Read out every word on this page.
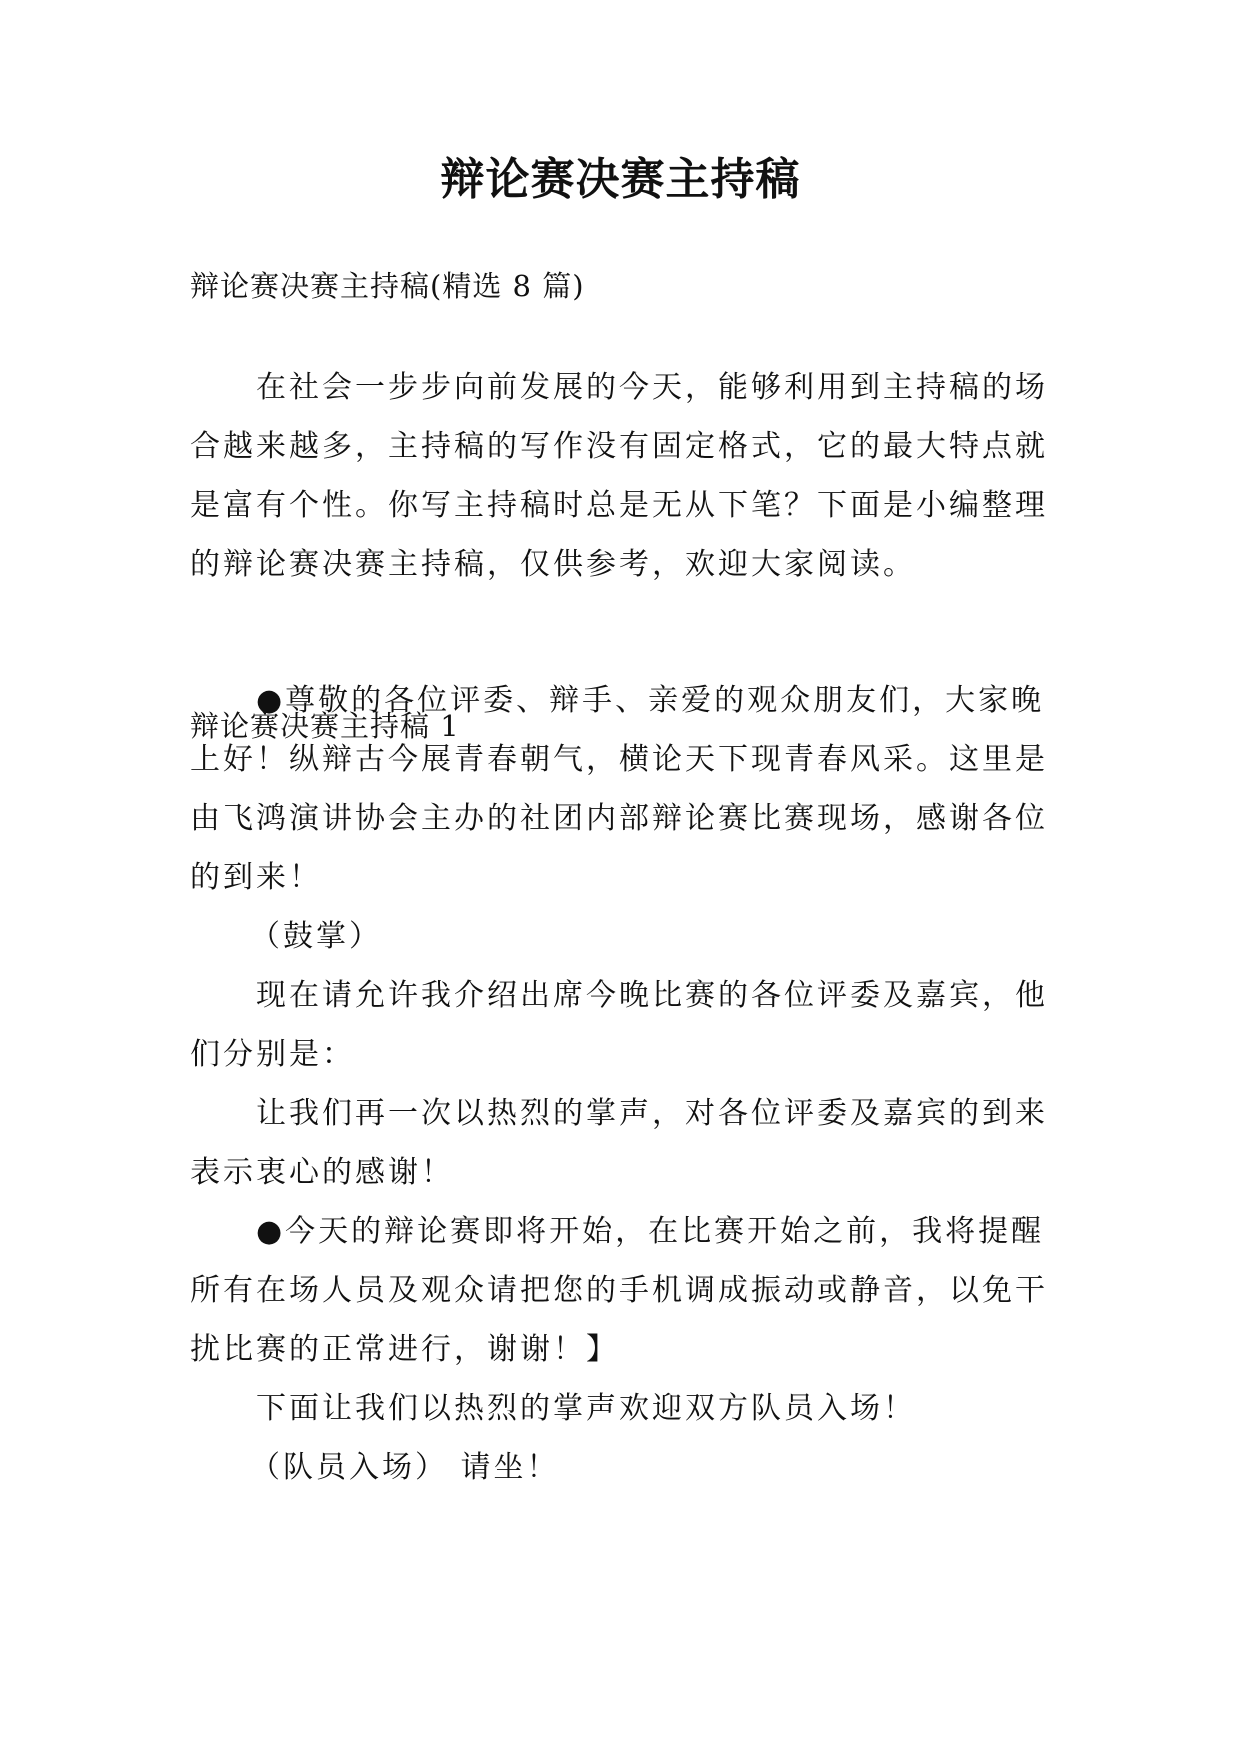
辩论赛决赛主持稿
辩论赛决赛主持稿(精选 8 篇)

在社会一步步向前发展的今天，能够利用到主持稿的场合越来越多，主持稿的写作没有固定格式，它的最大特点就是富有个性。你写主持稿时总是无从下笔？下面是小编整理的辩论赛决赛主持稿，仅供参考，欢迎大家阅读。

辩论赛决赛主持稿 1

●尊敬的各位评委、辩手、亲爱的观众朋友们，大家晚上好！纵辩古今展青春朝气，横论天下现青春风采。这里是由飞鸿演讲协会主办的社团内部辩论赛比赛现场，感谢各位的到来！

（鼓掌）

现在请允许我介绍出席今晚比赛的各位评委及嘉宾，他们分别是：

让我们再一次以热烈的掌声，对各位评委及嘉宾的到来表示衷心的感谢！

●今天的辩论赛即将开始，在比赛开始之前，我将提醒所有在场人员及观众请把您的手机调成振动或静音，以免干扰比赛的正常进行，谢谢！】

下面让我们以热烈的掌声欢迎双方队员入场！

（队员入场） 请坐！
